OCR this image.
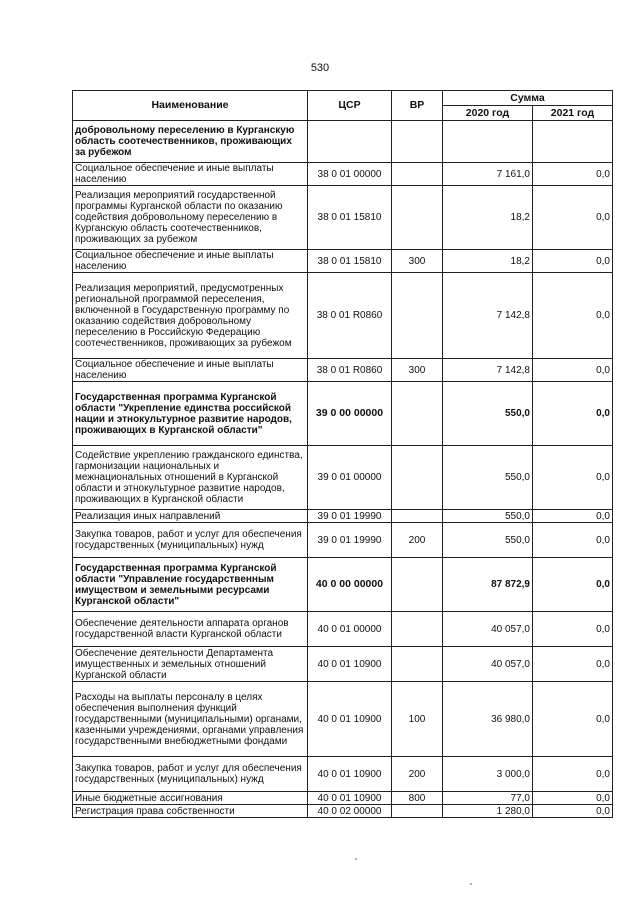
530
Наименование	ЦСР	ВР	Сумма	
			2020 год	2021 год
добровольному переселению в Курганскую область соотечественников, проживающих за рубежом				
Социальное обеспечение и иные выплаты населению	38 0 01 00000		7 161,0	0,0
Реализация мероприятий государственной программы Курганской области по оказанию содействия добровольному переселению в Курганскую область соотечественников, проживающих за рубежом	38 0 01 15810		18,2	0,0
Социальное обеспечение и иные выплаты населению	38 0 01 15810	300	18,2	0,0
Реализация мероприятий, предусмотренных региональной программой переселения, включенной в Государственную программу по оказанию содействия добровольному переселению в Российскую Федерацию соотечественников, проживающих за рубежом	38 0 01 R0860		7 142,8	0,0
Социальное обеспечение и иные выплаты населению	38 0 01 R0860	300	7 142,8	0,0
Государственная программа Курганской области "Укрепление единства российской нации и этнокультурное развитие народов, проживающих в Курганской области"	39 0 00 00000		550,0	0,0
Содействие укреплению гражданского единства, гармонизации национальных и межнациональных отношений в Курганской области и этнокультурное развитие народов, проживающих в Курганской области	39 0 01 00000		550,0	0,0
Реализация иных направлений	39 0 01 19990		550,0	0,0
Закупка товаров, работ и услуг для обеспечения государственных (муниципальных) нужд	39 0 01 19990	200	550,0	0,0
Государственная программа Курганской области "Управление государственным имуществом и земельными ресурсами Курганской области"	40 0 00 00000		87 872,9	0,0
Обеспечение деятельности аппарата органов государственной власти Курганской области	40 0 01 00000		40 057,0	0,0
Обеспечение деятельности Департамента имущественных и земельных отношений Курганской области	40 0 01 10900		40 057,0	0,0
Расходы на выплаты персоналу в целях обеспечения выполнения функций государственными (муниципальными) органами, казенными учреждениями, органами управления государственными внебюджетными фондами	40 0 01 10900	100	36 980,0	0,0
Закупка товаров, работ и услуг для обеспечения государственных (муниципальных) нужд	40 0 01 10900	200	3 000,0	0,0
Иные бюджетные ассигнования	40 0 01 10900	800	77,0	0,0
Регистрация права собственности	40 0 02 00000		1 280,0	0,0
